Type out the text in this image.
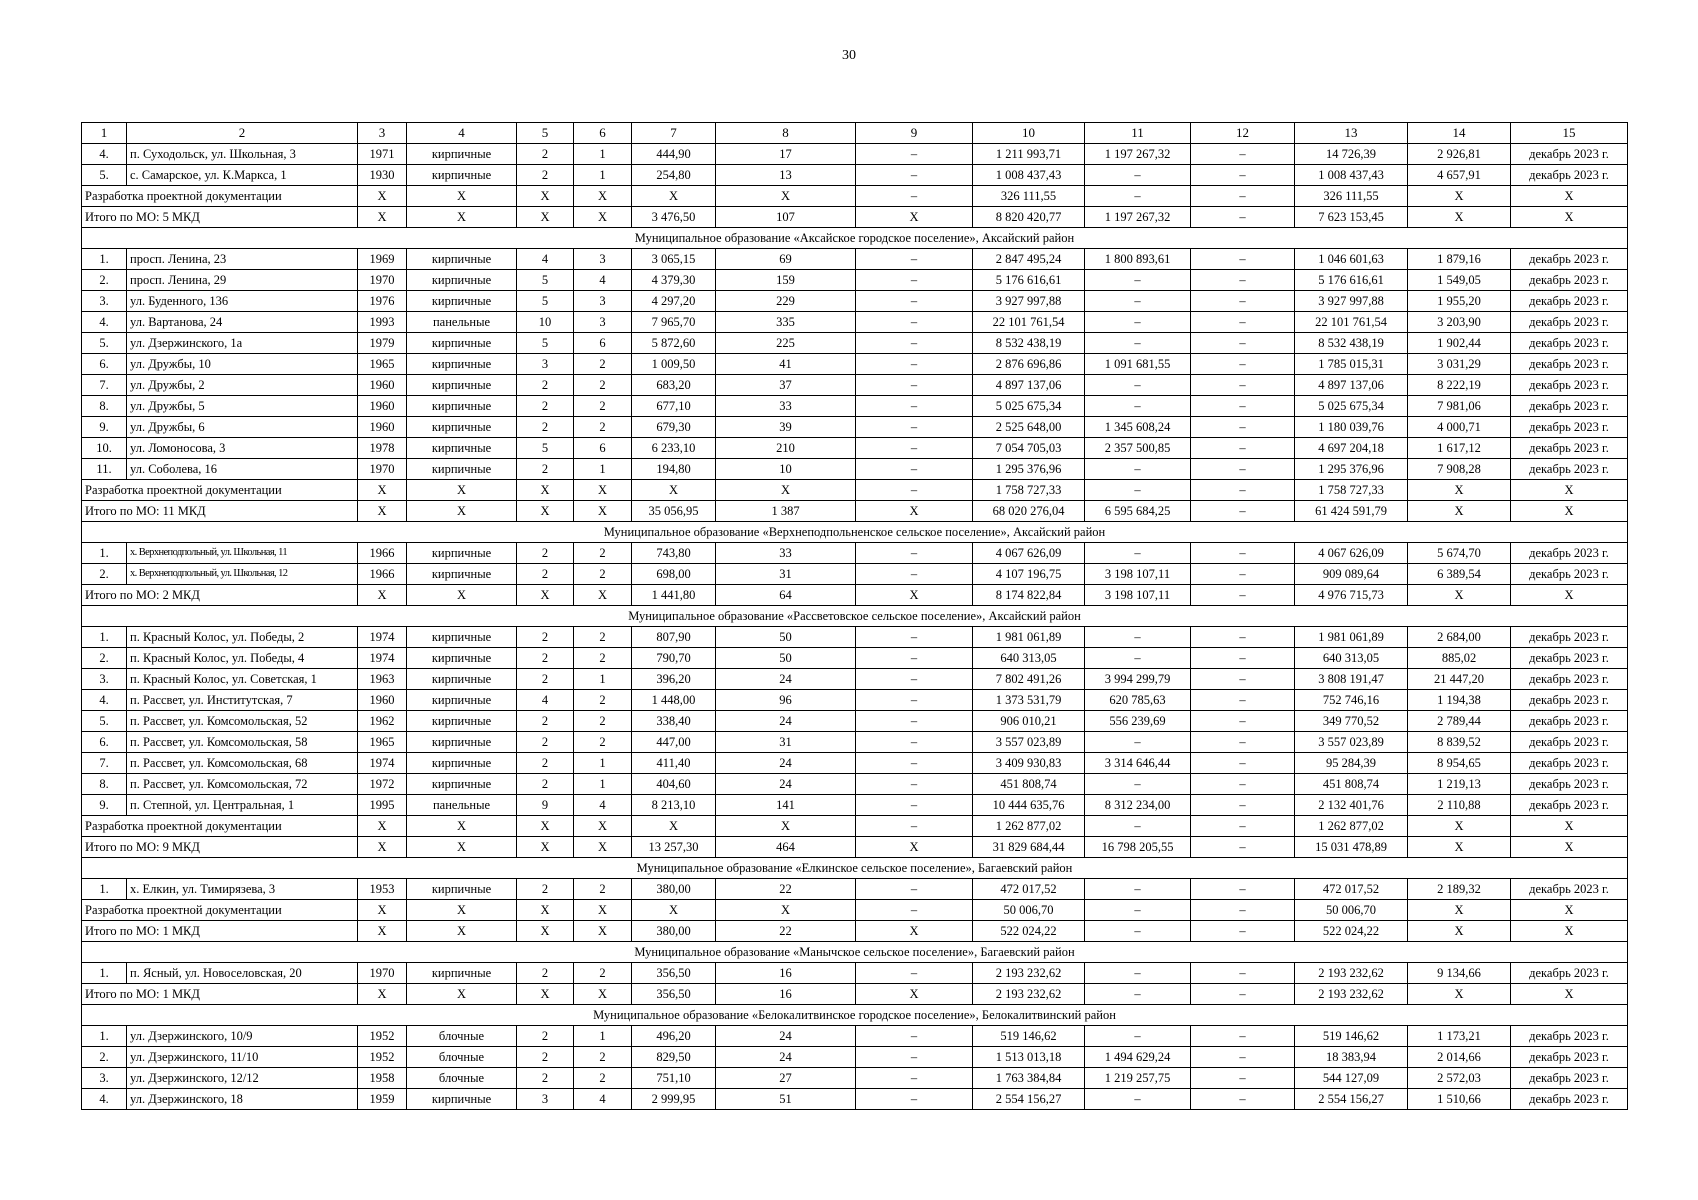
30
1	2	3	4	5	6	7	8	9	10	11	12	13	14	15
4.	п. Суходольск, ул. Школьная, 3	1971	кирпичные	2	1	444,90	17	–	1 211 993,71	1 197 267,32	–	14 726,39	2 926,81	декабрь 2023 г.
5.	с. Самарское, ул. К.Маркса, 1	1930	кирпичные	2	1	254,80	13	–	1 008 437,43	–	–	1 008 437,43	4 657,91	декабрь 2023 г.
Разработка проектной документации		Х	Х	Х	Х	Х	Х	–	326 111,55	–	–	326 111,55	Х	Х
Итого по МО: 5 МКД		Х	Х	Х	Х	3 476,50	107	Х	8 820 420,77	1 197 267,32	–	7 623 153,45	Х	Х
Муниципальное образование «Аксайское городское поселение», Аксайский район														
1.	просп. Ленина, 23	1969	кирпичные	4	3	3 065,15	69	–	2 847 495,24	1 800 893,61	–	1 046 601,63	1 879,16	декабрь 2023 г.
2.	просп. Ленина, 29	1970	кирпичные	5	4	4 379,30	159	–	5 176 616,61	–	–	5 176 616,61	1 549,05	декабрь 2023 г.
3.	ул. Буденного, 136	1976	кирпичные	5	3	4 297,20	229	–	3 927 997,88	–	–	3 927 997,88	1 955,20	декабрь 2023 г.
4.	ул. Вартанова, 24	1993	панельные	10	3	7 965,70	335	–	22 101 761,54	–	–	22 101 761,54	3 203,90	декабрь 2023 г.
5.	ул. Дзержинского, 1а	1979	кирпичные	5	6	5 872,60	225	–	8 532 438,19	–	–	8 532 438,19	1 902,44	декабрь 2023 г.
6.	ул. Дружбы, 10	1965	кирпичные	3	2	1 009,50	41	–	2 876 696,86	1 091 681,55	–	1 785 015,31	3 031,29	декабрь 2023 г.
7.	ул. Дружбы, 2	1960	кирпичные	2	2	683,20	37	–	4 897 137,06	–	–	4 897 137,06	8 222,19	декабрь 2023 г.
8.	ул. Дружбы, 5	1960	кирпичные	2	2	677,10	33	–	5 025 675,34	–	–	5 025 675,34	7 981,06	декабрь 2023 г.
9.	ул. Дружбы, 6	1960	кирпичные	2	2	679,30	39	–	2 525 648,00	1 345 608,24	–	1 180 039,76	4 000,71	декабрь 2023 г.
10.	ул. Ломоносова, 3	1978	кирпичные	5	6	6 233,10	210	–	7 054 705,03	2 357 500,85	–	4 697 204,18	1 617,12	декабрь 2023 г.
11.	ул. Соболева, 16	1970	кирпичные	2	1	194,80	10	–	1 295 376,96	–	–	1 295 376,96	7 908,28	декабрь 2023 г.
Разработка проектной документации		Х	Х	Х	Х	Х	Х	–	1 758 727,33	–	–	1 758 727,33	Х	Х
Итого по МО: 11 МКД		Х	Х	Х	Х	35 056,95	1 387	Х	68 020 276,04	6 595 684,25	–	61 424 591,79	Х	Х
Муниципальное образование «Верхнеподпольненское сельское поселение», Аксайский район														
1.	х. Верхнеподпольный, ул. Школьная, 11	1966	кирпичные	2	2	743,80	33	–	4 067 626,09	–	–	4 067 626,09	5 674,70	декабрь 2023 г.
2.	х. Верхнеподпольный, ул. Школьная, 12	1966	кирпичные	2	2	698,00	31	–	4 107 196,75	3 198 107,11	–	909 089,64	6 389,54	декабрь 2023 г.
Итого по МО: 2 МКД		Х	Х	Х	Х	1 441,80	64	Х	8 174 822,84	3 198 107,11	–	4 976 715,73	Х	Х
Муниципальное образование «Рассветовское сельское поселение», Аксайский район														
1.	п. Красный Колос, ул. Победы, 2	1974	кирпичные	2	2	807,90	50	–	1 981 061,89	–	–	1 981 061,89	2 684,00	декабрь 2023 г.
2.	п. Красный Колос, ул. Победы, 4	1974	кирпичные	2	2	790,70	50	–	640 313,05	–	–	640 313,05	885,02	декабрь 2023 г.
3.	п. Красный Колос, ул. Советская, 1	1963	кирпичные	2	1	396,20	24	–	7 802 491,26	3 994 299,79	–	3 808 191,47	21 447,20	декабрь 2023 г.
4.	п. Рассвет, ул. Институтская, 7	1960	кирпичные	4	2	1 448,00	96	–	1 373 531,79	620 785,63	–	752 746,16	1 194,38	декабрь 2023 г.
5.	п. Рассвет, ул. Комсомольская, 52	1962	кирпичные	2	2	338,40	24	–	906 010,21	556 239,69	–	349 770,52	2 789,44	декабрь 2023 г.
6.	п. Рассвет, ул. Комсомольская, 58	1965	кирпичные	2	2	447,00	31	–	3 557 023,89	–	–	3 557 023,89	8 839,52	декабрь 2023 г.
7.	п. Рассвет, ул. Комсомольская, 68	1974	кирпичные	2	1	411,40	24	–	3 409 930,83	3 314 646,44	–	95 284,39	8 954,65	декабрь 2023 г.
8.	п. Рассвет, ул. Комсомольская, 72	1972	кирпичные	2	1	404,60	24	–	451 808,74	–	–	451 808,74	1 219,13	декабрь 2023 г.
9.	п. Степной, ул. Центральная, 1	1995	панельные	9	4	8 213,10	141	–	10 444 635,76	8 312 234,00	–	2 132 401,76	2 110,88	декабрь 2023 г.
Разработка проектной документации		Х	Х	Х	Х	Х	Х	–	1 262 877,02	–	–	1 262 877,02	Х	Х
Итого по МО: 9 МКД		Х	Х	Х	Х	13 257,30	464	Х	31 829 684,44	16 798 205,55	–	15 031 478,89	Х	Х
Муниципальное образование «Елкинское сельское поселение», Багаевский район														
1.	х. Елкин, ул. Тимирязева, 3	1953	кирпичные	2	2	380,00	22	–	472 017,52	–	–	472 017,52	2 189,32	декабрь 2023 г.
Разработка проектной документации		Х	Х	Х	Х	Х	Х	–	50 006,70	–	–	50 006,70	Х	Х
Итого по МО: 1 МКД		Х	Х	Х	Х	380,00	22	Х	522 024,22	–	–	522 024,22	Х	Х
Муниципальное образование «Манычское сельское поселение», Багаевский район														
1.	п. Ясный, ул. Новоселовская, 20	1970	кирпичные	2	2	356,50	16	–	2 193 232,62	–	–	2 193 232,62	9 134,66	декабрь 2023 г.
Итого по МО: 1 МКД		Х	Х	Х	Х	356,50	16	Х	2 193 232,62	–	–	2 193 232,62	Х	Х
Муниципальное образование «Белокалитвинское городское поселение», Белокалитвинский район														
1.	ул. Дзержинского, 10/9	1952	блочные	2	1	496,20	24	–	519 146,62	–	–	519 146,62	1 173,21	декабрь 2023 г.
2.	ул. Дзержинского, 11/10	1952	блочные	2	2	829,50	24	–	1 513 013,18	1 494 629,24	–	18 383,94	2 014,66	декабрь 2023 г.
3.	ул. Дзержинского, 12/12	1958	блочные	2	2	751,10	27	–	1 763 384,84	1 219 257,75	–	544 127,09	2 572,03	декабрь 2023 г.
4.	ул. Дзержинского, 18	1959	кирпичные	3	4	2 999,95	51	–	2 554 156,27	–	–	2 554 156,27	1 510,66	декабрь 2023 г.
